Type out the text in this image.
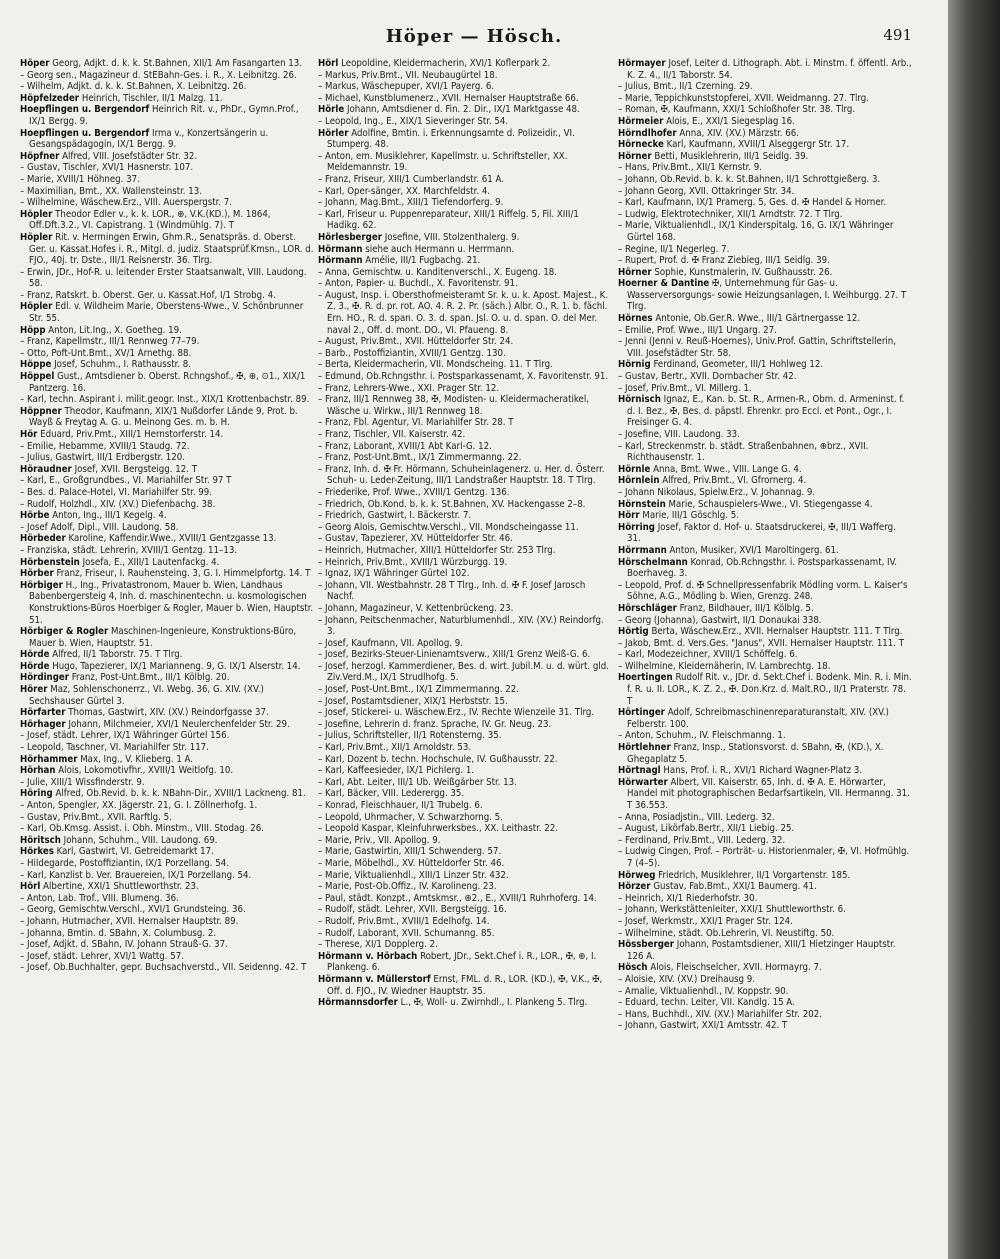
Höper — Hösch.	491

Höper Georg, Adjkt. d. k. k. St.Bahnen, XII/1 Am Fasangarten 13.

– Georg sen., Magazineur d. StEBahn-Ges. i. R., X. Leibnitzg. 26.

– Wilhelm, Adjkt. d. k. k. St.Bahnen, X. Leibnitzg. 26.

Höpfelzeder Heinrich, Tischler, II/1 Malzg. 11.

Hoepflingen u. Bergendorf Heinrich Rit. v., PhDr., Gymn.Prof., IX/1 Bergg. 9.

Hoepflingen u. Bergendorf Irma v., Konzertsängerin u. Gesangspädagogin, IX/1 Bergg. 9.

Höpfner Alfred, VIII. Josefstädter Str. 32.

– Gustav, Tischler, XVI/1 Hasnerstr. 107.

– Marie, XVIII/1 Höhneg. 37.

– Maximilian, Bmt., XX. Wallensteinstr. 13.

– Wilhelmine, Wäschew.Erz., VIII. Auerspergstr. 7.

Höpler Theodor Edler v., k. k. LOR., ⊕, V.K.(KD.), M. 1864, Off.Dft.3.2., VI. Capistrang. 1 (Windmühlg. 7). T

Höpler Rit. v. Hermingen Erwin, Ghm.R., Senatspräs. d. Oberst. Ger. u. Kassat.Hofes i. R., Mitgl. d. judiz. Staatsprüf.Kmsn., LOR. d. FJO., 40j. tr. Dste., III/1 Reisnerstr. 36. Tlrg.

– Erwin, JDr., Hof-R. u. leitender Erster Staatsanwalt, VIII. Laudong. 58.

– Franz, Ratskrt. b. Oberst. Ger. u. Kassat.Hof, I/1 Strobg. 4.

Höpler Edl. v. Wildheim Marie, Oberstens-Wwe., V. Schönbrunner Str. 55.

Höpp Anton, Lit.Ing., X. Goetheg. 19.

– Franz, Kapellmstr., III/1 Rennweg 77–79.

– Otto, Poft-Unt.Bmt., XV/1 Arnethg. 88.

Höppe Josef, Schuhm., I. Rathausstr. 8.

Höppel Gust., Amtsdiener b. Oberst. Rchngshof., ✠, ⊕, ⊙1., XIX/1 Pantzerg. 16.

– Karl, techn. Aspirant i. milit.geogr. Inst., XIX/1 Krottenbachstr. 89.

Höppner Theodor, Kaufmann, XIX/1 Nußdorfer Lände 9, Prot. b. Wayß & Freytag A. G. u. Meinong Ges. m. b. H.

Hör Eduard, Priv.Pmt., XIII/1 Hernstorferstr. 14.

– Emilie, Hebamme, XVIII/1 Staudg. 72.

– Julius, Gastwirt, III/1 Erdbergstr. 120.

Höraudner Josef, XVII. Bergsteigg. 12. T

– Karl, E., Großgrundbes., VI. Mariahilfer Str. 97 T

– Bes. d. Palace-Hotel, VI. Mariahilfer Str. 99.

– Rudolf, Holzhdl., XIV. (XV.) Diefenbachg. 38.

Hörbe Anton, Ing., III/1 Kegelg. 4.

– Josef Adolf, Dipl., VIII. Laudong. 58.

Hörbeder Karoline, Kaffendir.Wwe., XVIII/1 Gentzgasse 13.

– Franziska, städt. Lehrerin, XVIII/1 Gentzg. 11–13.

Hörbenstein Josefa, E., XIII/1 Lautenfackg. 4.

Hörber Franz, Friseur, I. Rauhensteing. 3, G. I. Himmelpfortg. 14. T

Hörbiger H., Ing., Privatastronom, Mauer b. Wien, Landhaus Babenbergersteig 4, Inh. d. maschinentechn. u. kosmologischen Konstruktions-Büros Hoerbiger & Rogler, Mauer b. Wien, Hauptstr. 51.

Hörbiger & Rogler Maschinen-Ingenieure, Konstruktions-Büro, Mauer b. Wien, Hauptstr. 51.

Hörde Alfred, II/1 Taborstr. 75. T Tlrg.

Hörde Hugo, Tapezierer, IX/1 Marianneng. 9, G. IX/1 Alserstr. 14.

Hördinger Franz, Post-Unt.Bmt., III/1 Kölblg. 20.

Hörer Maz, Sohlenschonerrz., VI. Webg. 36, G. XIV. (XV.) Sechshauser Gürtel 3.

Hörfarter Thomas, Gastwirt, XIV. (XV.) Reindorfgasse 37.

Hörhager Johann, Milchmeier, XVI/1 Neulerchenfelder Str. 29.

– Josef, städt. Lehrer, IX/1 Währinger Gürtel 156.

– Leopold, Taschner, VI. Mariahilfer Str. 117.

Hörhammer Max, Ing., V. Klieberg. 1 A.

Hörhan Alois, Lokomotivfhr., XVIII/1 Weitlofg. 10.

– Julie, XIII/1 Wissfinderstr. 9.

Höring Alfred, Ob.Revid. b. k. k. NBahn-Dir., XVIII/1 Lackneng. 81.

– Anton, Spengler, XX. Jägerstr. 21, G. I. Zöllnerhofg. 1.

– Gustav, Priv.Bmt., XVII. Rarftlg. 5.

– Karl, Ob.Kmsg. Assist. i. Obh. Minstm., VIII. Stodag. 26.

Höritsch Johann, Schuhm., VIII. Laudong. 69.

Hörkes Karl, Gastwirt, VI. Getreidemarkt 17.

– Hildegarde, Postoffiziantin, IX/1 Porzellang. 54.

– Karl, Kanzlist b. Ver. Brauereien, IX/1 Porzellang. 54.

Hörl Albertine, XXI/1 Shuttleworthstr. 23.

– Anton, Lab. Trof., VIII. Blumeng. 36.

– Georg, Gemischtw.Verschl., XVI/1 Grundsteing. 36.

– Johann, Hutmacher, XVII. Hernalser Hauptstr. 89.

– Johanna, Bmtin. d. SBahn, X. Columbusg. 2.

– Josef, Adjkt. d. SBahn, IV. Johann Strauß-G. 37.

– Josef, städt. Lehrer, XVI/1 Wattg. 57.

– Josef, Ob.Buchhalter, gepr. Buchsachverstd., VII. Seidenng. 42. T

Hörl Leopoldine, Kleidermacherin, XVI/1 Koflerpark 2.

– Markus, Priv.Bmt., VII. Neubaugürtel 18.

– Markus, Wäschepuper, XVI/1 Payerg. 6.

– Michael, Kunstblumenerz., XVII. Hernalser Hauptstraße 66.

Hörle Johann, Amtsdiener d. Fin. 2. Dir., IX/1 Marktgasse 48.

– Leopold, Ing., E., XIX/1 Sieveringer Str. 54.

Hörler Adolfine, Bmtin. i. Erkennungsamte d. Polizeidir., VI. Stumperg. 48.

– Anton, em. Musiklehrer, Kapellmstr. u. Schriftsteller, XX. Meldemannstr. 19.

– Franz, Friseur, XIII/1 Cumberlandstr. 61 A.

– Karl, Oper-sänger, XX. Marchfeldstr. 4.

– Johann, Mag.Bmt., XIII/1 Tiefendorferg. 9.

– Karl, Friseur u. Puppenreparateur, XIII/1 Riffelg. 5, Fil. XIII/1 Hadikg. 62.

Hörlesberger Josefine, VIII. Stolzenthalerg. 9.

Hörmann siehe auch Hermann u. Herrmann.

Hörmann Amélie, III/1 Fugbachg. 21.

– Anna, Gemischtw. u. Kanditenverschl., X. Eugeng. 18.

– Anton, Papier- u. Buchdl., X. Favoritenstr. 91.

– August, Insp. i. Obersthofmeisteramt Sr. k. u. k. Apost. Majest., K. Z. 3., ✠. R. d. pr. rot. AO. 4. R. 2. Pr. (säch.) Albr. O., R. 1. b. fächl. Ern. HO., R. d. span. O. 3. d. span. Jsl. O. u. d. span. O. del Mer. naval 2., Off. d. mont. DO., VI. Pfaueng. 8.

– August, Priv.Bmt., XVII. Hütteldorfer Str. 24.

– Barb., Postoffiziantin, XVIII/1 Gentzg. 130.

– Berta, Kleidermacherin, VII. Mondscheing. 11. T Tlrg.

– Edmund, Ob.Rchngsthr. i. Postsparkassenamt, X. Favoritenstr. 91.

– Franz, Lehrers-Wwe., XXI. Prager Str. 12.

– Franz, III/1 Rennweg 38, ✠, Modisten- u. Kleidermacheratikel, Wäsche u. Wirkw., III/1 Rennweg 18.

– Franz, Fbl. Agentur, VI. Mariahilfer Str. 28. T

– Franz, Tischler, VII. Kaiserstr. 42.

– Franz, Laborant, XVIII/1 Abt Karl-G. 12.

– Franz, Post-Unt.Bmt., IX/1 Zimmermanng. 22.

– Franz, Inh. d. ✠ Fr. Hörmann, Schuheinlagenerz. u. Her. d. Österr. Schuh- u. Leder-Zeitung, III/1 Landstraßer Hauptstr. 18. T Tlrg.

– Friederike, Prof. Wwe., XVIII/1 Gentzg. 136.

– Friedrich, Ob.Kond. b. k. k. St.Bahnen, XV. Hackengasse 2–8.

– Friedrich, Gastwirt, I. Bäckerstr. 7.

– Georg Alois, Gemischtw.Verschl., VII. Mondscheingasse 11.

– Gustav, Tapezierer, XV. Hütteldorfer Str. 46.

– Heinrich, Hutmacher, XIII/1 Hütteldorfer Str. 253 Tlrg.

– Heinrich, Priv.Bmt., XVIII/1 Würzburgg. 19.

– Ignaz, IX/1 Währinger Gürtel 102.

– Johann, VII. Westbahnstr. 28 T Tlrg., Inh. d. ✠ F. Josef Jarosch Nachf.

– Johann, Magazineur, V. Kettenbrückeng. 23.

– Johann, Peitschenmacher, Naturblumenhdl., XIV. (XV.) Reindorfg. 3.

– Josef, Kaufmann, VII. Apollog. 9.

– Josef, Bezirks-Steuer-Linienamtsverw., XIII/1 Grenz Weiß-G. 6.

– Josef, herzogl. Kammerdiener, Bes. d. wirt. Jubil.M. u. d. würt. gld. Ziv.Verd.M., IX/1 Strudlhofg. 5.

– Josef, Post-Unt.Bmt., IX/1 Zimmermanng. 22.

– Josef, Postamtsdiener, XIX/1 Herbststr. 15.

– Josef, Stickerei- u. Wäschew.Erz., IV. Rechte Wienzeile 31. Tlrg.

– Josefine, Lehrerin d. franz. Sprache, IV. Gr. Neug. 23.

– Julius, Schriftsteller, II/1 Rotensterng. 35.

– Karl, Priv.Bmt., XII/1 Arnoldstr. 53.

– Karl, Dozent b. techn. Hochschule, IV. Gußhausstr. 22.

– Karl, Kaffeesieder, IX/1 Pichlerg. 1.

– Karl, Abt. Leiter, III/1 Ub. Weißgärber Str. 13.

– Karl, Bäcker, VIII. Lederergg. 35.

– Konrad, Fleischhauer, II/1 Trubelg. 6.

– Leopold, Uhrmacher, V. Schwarzhorng. 5.

– Leopold Kaspar, Kleinfuhrwerksbes., XX. Leithastr. 22.

– Marie, Priv., VII. Apollog. 9.

– Marie, Gastwirtin, XIII/1 Schwenderg. 57.

– Marie, Möbelhdl., XV. Hütteldorfer Str. 46.

– Marie, Viktualienhdl., XIII/1 Linzer Str. 432.

– Marie, Post-Ob.Offiz., IV. Karolineng. 23.

– Paul, städt. Konzpt., Amtskmsr., ⊕2., E., XVIII/1 Ruhrhoferg. 14.

– Rudolf, städt. Lehrer, XVII. Bergsteigg. 16.

– Rudolf, Priv.Bmt., XVIII/1 Edelhofg. 14.

– Rudolf, Laborant, XVII. Schumanng. 85.

– Therese, XI/1 Dopplerg. 2.

Hörmann v. Hörbach Robert, JDr., Sekt.Chef i. R., LOR., ✠, ⊕, I. Plankeng. 6.

Hörmann v. Müllerstorf Ernst, FML. d. R., LOR. (KD.), ✠, V.K., ✠, Off. d. FJO., IV. Wiedner Hauptstr. 35.

Hörmannsdorfer L., ✠, Woll- u. Zwirnhdl., I. Plankeng 5. Tlrg.

Hörmayer Josef, Leiter d. Lithograph. Abt. i. Minstm. f. öffentl. Arb., K. Z. 4., II/1 Taborstr. 54.

– Julius, Bmt., II/1 Czerning. 29.

– Marie, Teppichkunststopferei, XVII. Weidmanng. 27. Tlrg.

– Roman, ✠, Kaufmann, XXI/1 Schloßhofer Str. 38. Tlrg.

Hörmeier Alois, E., XXI/1 Siegesplag 16.

Hörndlhofer Anna, XIV. (XV.) Märzstr. 66.

Hörnecke Karl, Kaufmann, XVIII/1 Alseggergr Str. 17.

Hörner Betti, Musiklehrerin, III/1 Seidlg. 39.

– Hans, Priv.Bmt., XII/1 Kernstr. 9.

– Johann, Ob.Revid. b. k. k. St.Bahnen, II/1 Schrottgießerg. 3.

– Johann Georg, XVII. Ottakringer Str. 34.

– Karl, Kaufmann, IX/1 Pramerg. 5, Ges. d. ✠ Handel & Horner.

– Ludwig, Elektrotechniker, XII/1 Arndtstr. 72. T Tlrg.

– Marie, Viktualienhdl., IX/1 Kinderspitalg. 16, G. IX/1 Währinger Gürtel 168.

– Regine, II/1 Negerleg. 7.

– Rupert, Prof. d. ✠ Franz Ziebieg, III/1 Seidlg. 39.

Hörner Sophie, Kunstmalerin, IV. Gußhausstr. 26.

Hoerner & Dantine ✠, Unternehmung für Gas- u. Wasserversorgungs- sowie Heizungsanlagen, I. Weihburgg. 27. T Tlrg.

Hörnes Antonie, Ob.Ger.R. Wwe., III/1 Gärtnergasse 12.

– Emilie, Prof. Wwe., III/1 Ungarg. 27.

– Jenni (Jenni v. Reuß-Hoernes), Univ.Prof. Gattin, Schriftstellerin, VIII. Josefstädter Str. 58.

Hörnig Ferdinand, Geometer, III/1 Hohlweg 12.

– Gustav, Bertr., XVII. Dornbacher Str. 42.

– Josef, Priv.Bmt., VI. Millerg. 1.

Hörnisch Ignaz, E., Kan. b. St. R., Armen-R., Obm. d. Armeninst. f. d. I. Bez., ✠, Bes. d. päpstl. Ehrenkr. pro Eccl. et Pont., Ogr., I. Freisinger G. 4.

– Josefine, VIII. Laudong. 33.

– Karl, Streckenmstr. b. städt. Straßenbahnen, ⊕brz., XVII. Richthausenstr. 1.

Hörnle Anna, Bmt. Wwe., VIII. Lange G. 4.

Hörnlein Alfred, Priv.Bmt., VI. Gfrornerg. 4.

– Johann Nikolaus, Spielw.Erz., V. Johannag. 9.

Hörnstein Marie, Schauspielers-Wwe., VI. Stiegengasse 4.

Hörr Marie, III/1 Göschlg. 5.

Hörring Josef, Faktor d. Hof- u. Staatsdruckerei, ✠, III/1 Wafferg. 31.

Hörrmann Anton, Musiker, XVI/1 Maroltingerg. 61.

Hörschelmann Konrad, Ob.Rchngsthr. i. Postsparkassenamt, IV. Boerhaveg. 3.

– Leopold, Prof. d. ✠ Schnellpressenfabrik Mödling vorm. L. Kaiser's Söhne, A.G., Mödling b. Wien, Grenzg. 248.

Hörschläger Franz, Bildhauer, III/1 Kölblg. 5.

– Georg (Johanna), Gastwirt, II/1 Donaukai 338.

Hörtig Berta, Wäschew.Erz., XVII. Hernalser Hauptstr. 111. T Tlrg.

– Jakob, Bmt. d. Vers.Ges. "Janus", XVII. Hernalser Hauptstr. 111. T

– Karl, Modezeichner, XVIII/1 Schöffelg. 6.

– Wilhelmine, Kleidernäherin, IV. Lambrechtg. 18.

Hoertingen Rudolf Rit. v., JDr. d. Sekt.Chef i. Bodenk. Min. R. i. Min. f. R. u. II. LOR., K. Z. 2., ✠. Don.Krz. d. Malt.RO., II/1 Praterstr. 78. T

Hörtinger Adolf, Schreibmaschinenreparaturanstalt, XIV. (XV.) Felberstr. 100.

– Anton, Schuhm., IV. Fleischmanng. 1.

Hörtlehner Franz, Insp., Stationsvorst. d. SBahn, ✠, (KD.), X. Ghegaplatz 5.

Hörtnagl Hans, Prof. i. R., XVI/1 Richard Wagner-Platz 3.

Hörwarter Albert, VII. Kaiserstr. 65, Inh. d. ✠ A. E. Hörwarter, Handel mit photographischen Bedarfsartikeln, VII. Hermanng. 31. T 36.553.

– Anna, Posiadjstin., VIII. Lederg. 32.

– August, Likörfab.Bertr., XII/1 Liebig. 25.

– Ferdinand, Priv.Bmt., VIII. Lederg. 32.

– Ludwig Cingen, Prof. – Porträt- u. Historienmaler, ✠, VI. Hofmühlg. 7 (4–5).

Hörweg Friedrich, Musiklehrer, II/1 Vorgartenstr. 185.

Hörzer Gustav, Fab.Bmt., XXI/1 Baumerg. 41.

– Heinrich, XI/1 Riederhofstr. 30.

– Johann, Werkstättenleiter, XXI/1 Shuttleworthstr. 6.

– Josef, Werkmstr., XXI/1 Prager Str. 124.

– Wilhelmine, städt. Ob.Lehrerin, VI. Neustiftg. 50.

Hössberger Johann, Postamtsdiener, XIII/1 Hietzinger Hauptstr. 126 A.

Hösch Alois, Fleischselcher, XVII. Hormayrg. 7.

– Aloisie, XIV. (XV.) Dreihausg 9.

– Amalie, Viktualienhdl., IV. Koppstr. 90.

– Eduard, techn. Leiter, VII. Kandlg. 15 A.

– Hans, Buchhdl., XIV. (XV.) Mariahilfer Str. 202.

– Johann, Gastwirt, XXI/1 Amtsstr. 42. T
